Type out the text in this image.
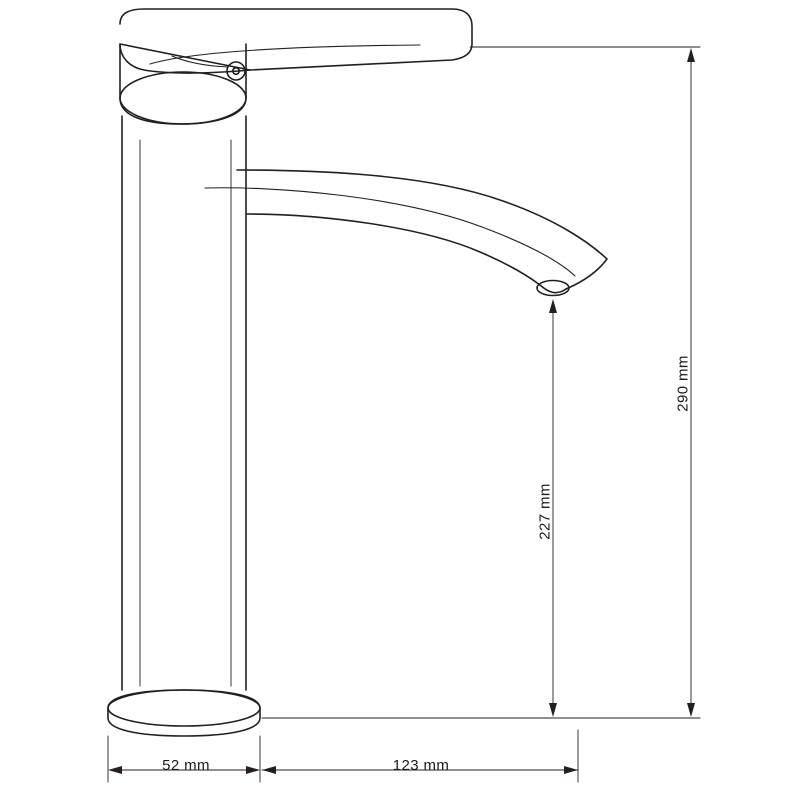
290 mm
227 mm
52 mm	123 mm
